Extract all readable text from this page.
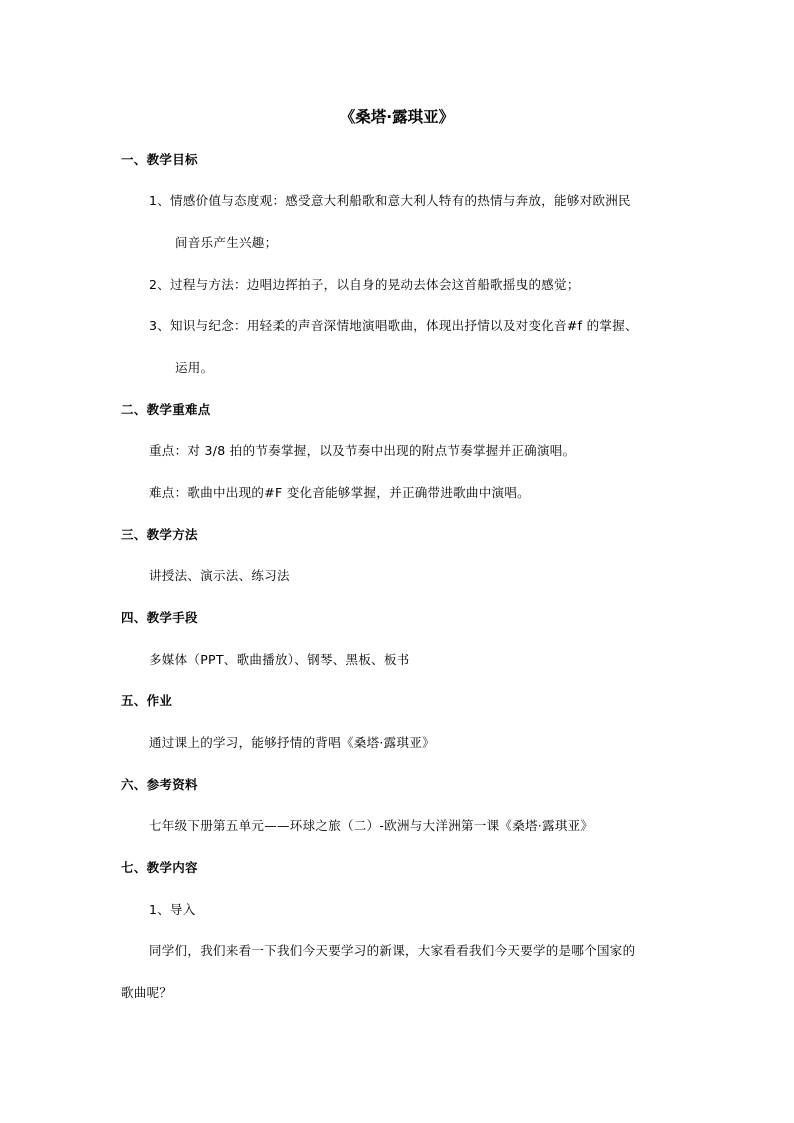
《桑塔·露琪亚》
一、教学目标
1、情感价值与态度观：感受意大利船歌和意大利人特有的热情与奔放，能够对欧洲民
间音乐产生兴趣；
2、过程与方法：边唱边挥拍子，以自身的晃动去体会这首船歌摇曳的感觉；
3、知识与纪念：用轻柔的声音深情地演唱歌曲，体现出抒情以及对变化音#f 的掌握、
运用。
二、教学重难点
重点：对 3/8 拍的节奏掌握，以及节奏中出现的附点节奏掌握并正确演唱。
难点：歌曲中出现的#F 变化音能够掌握，并正确带进歌曲中演唱。
三、教学方法
讲授法、演示法、练习法
四、教学手段
多媒体（PPT、歌曲播放）、钢琴、黑板、板书
五、作业
通过课上的学习，能够抒情的背唱《桑塔·露琪亚》
六、参考资料
七年级下册第五单元——环球之旅（二）-欧洲与大洋洲第一课《桑塔·露琪亚》
七、教学内容
1、导入
同学们，我们来看一下我们今天要学习的新课，大家看看我们今天要学的是哪个国家的
歌曲呢？
